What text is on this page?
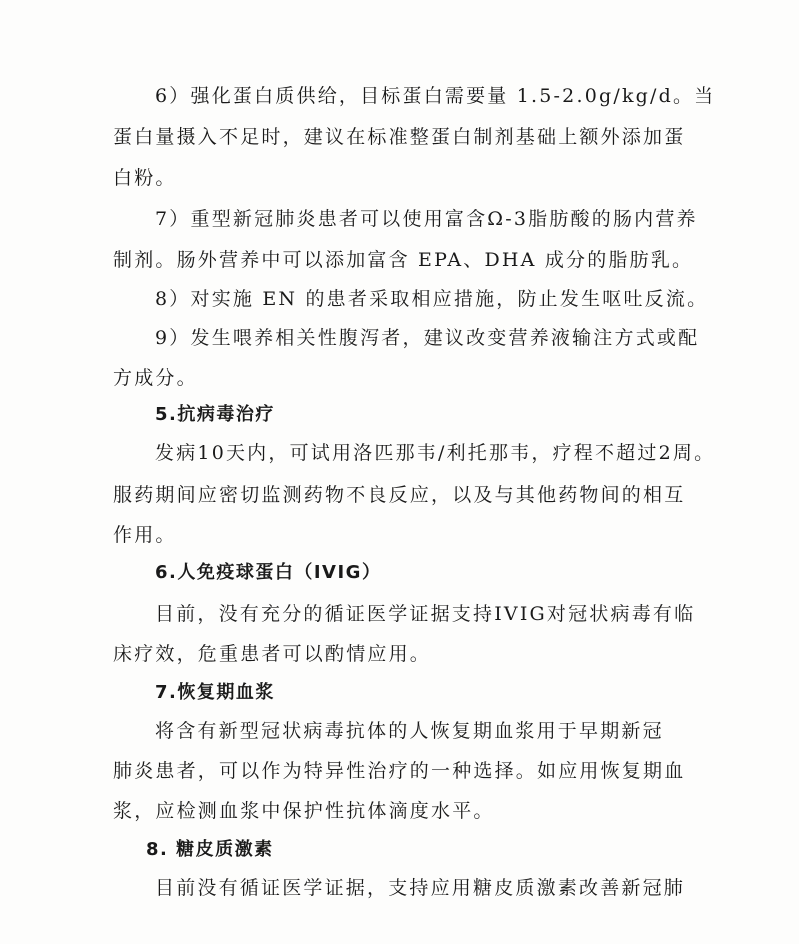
6）强化蛋白质供给，目标蛋白需要量 1.5-2.0g/kg/d。当
蛋白量摄入不足时，建议在标准整蛋白制剂基础上额外添加蛋
白粉。
7）重型新冠肺炎患者可以使用富含Ω-3脂肪酸的肠内营养
制剂。肠外营养中可以添加富含 EPA、DHA 成分的脂肪乳。
8）对实施 EN 的患者采取相应措施，防止发生呕吐反流。
9）发生喂养相关性腹泻者，建议改变营养液输注方式或配
方成分。
5.抗病毒治疗
发病10天内，可试用洛匹那韦/利托那韦，疗程不超过2周。
服药期间应密切监测药物不良反应，以及与其他药物间的相互
作用。
6.人免疫球蛋白（IVIG）
目前，没有充分的循证医学证据支持IVIG对冠状病毒有临
床疗效，危重患者可以酌情应用。
7.恢复期血浆
将含有新型冠状病毒抗体的人恢复期血浆用于早期新冠
肺炎患者，可以作为特异性治疗的一种选择。如应用恢复期血
浆，应检测血浆中保护性抗体滴度水平。
8. 糖皮质激素
目前没有循证医学证据，支持应用糖皮质激素改善新冠肺
